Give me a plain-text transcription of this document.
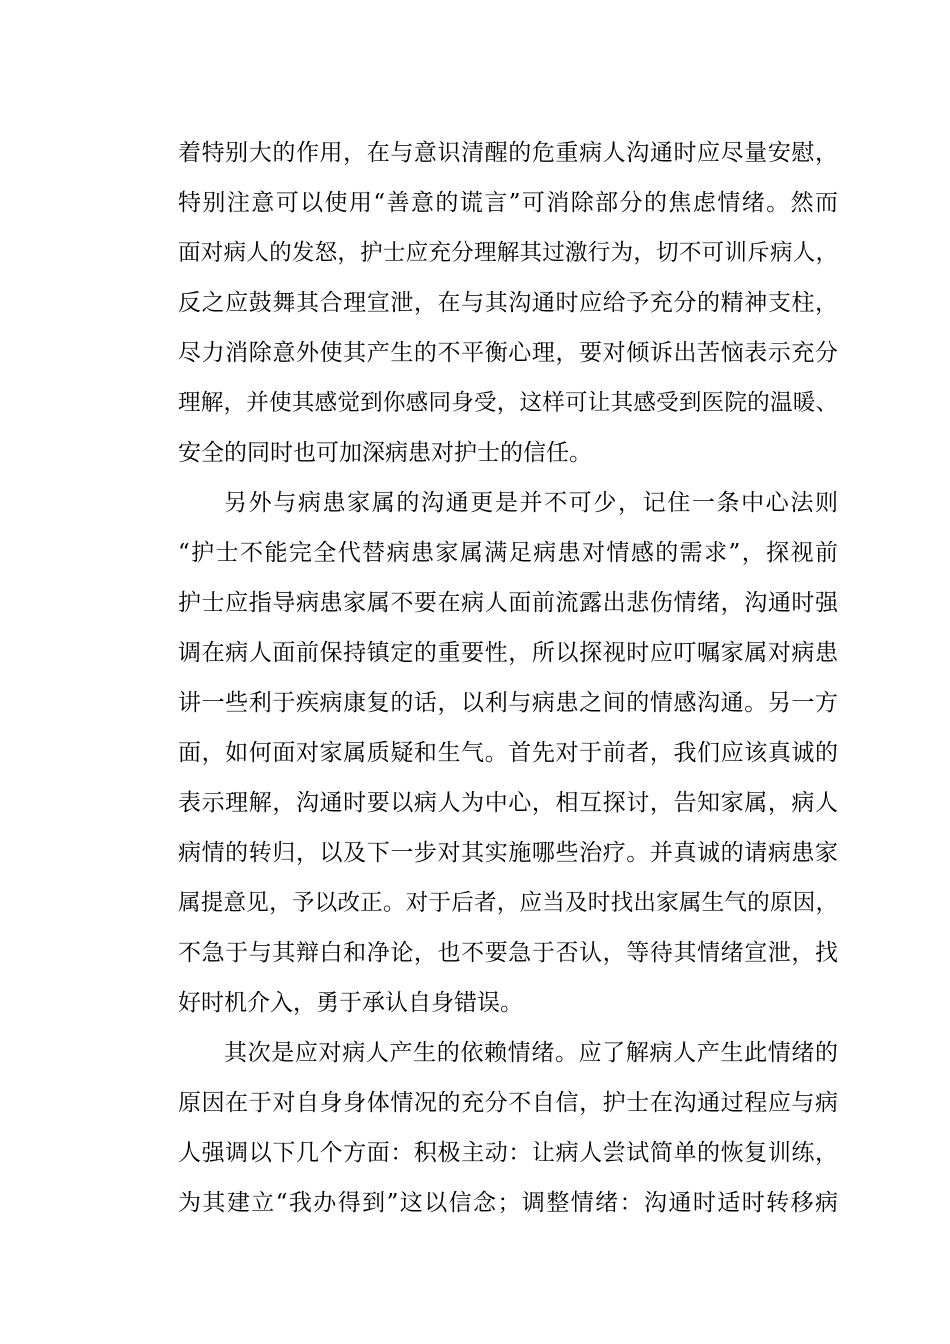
着特别大的作用，在与意识清醒的危重病人沟通时应尽量安慰，
特别注意可以使用“善意的谎言”可消除部分的焦虑情绪。然而
面对病人的发怒，护士应充分理解其过激行为，切不可训斥病人，
反之应鼓舞其合理宣泄，在与其沟通时应给予充分的精神支柱，
尽力消除意外使其产生的不平衡心理，要对倾诉出苦恼表示充分
理解，并使其感觉到你感同身受，这样可让其感受到医院的温暖、
安全的同时也可加深病患对护士的信任。
另外与病患家属的沟通更是并不可少，记住一条中心法则
“护士不能完全代替病患家属满足病患对情感的需求”，探视前
护士应指导病患家属不要在病人面前流露出悲伤情绪，沟通时强
调在病人面前保持镇定的重要性，所以探视时应叮嘱家属对病患
讲一些利于疾病康复的话，以利与病患之间的情感沟通。另一方
面，如何面对家属质疑和生气。首先对于前者，我们应该真诚的
表示理解，沟通时要以病人为中心，相互探讨，告知家属，病人
病情的转归，以及下一步对其实施哪些治疗。并真诚的请病患家
属提意见，予以改正。对于后者，应当及时找出家属生气的原因，
不急于与其辩白和净论，也不要急于否认，等待其情绪宣泄，找
好时机介入，勇于承认自身错误。
其次是应对病人产生的依赖情绪。应了解病人产生此情绪的
原因在于对自身身体情况的充分不自信，护士在沟通过程应与病
人强调以下几个方面：积极主动：让病人尝试简单的恢复训练，
为其建立“我办得到”这以信念；调整情绪：沟通时适时转移病
